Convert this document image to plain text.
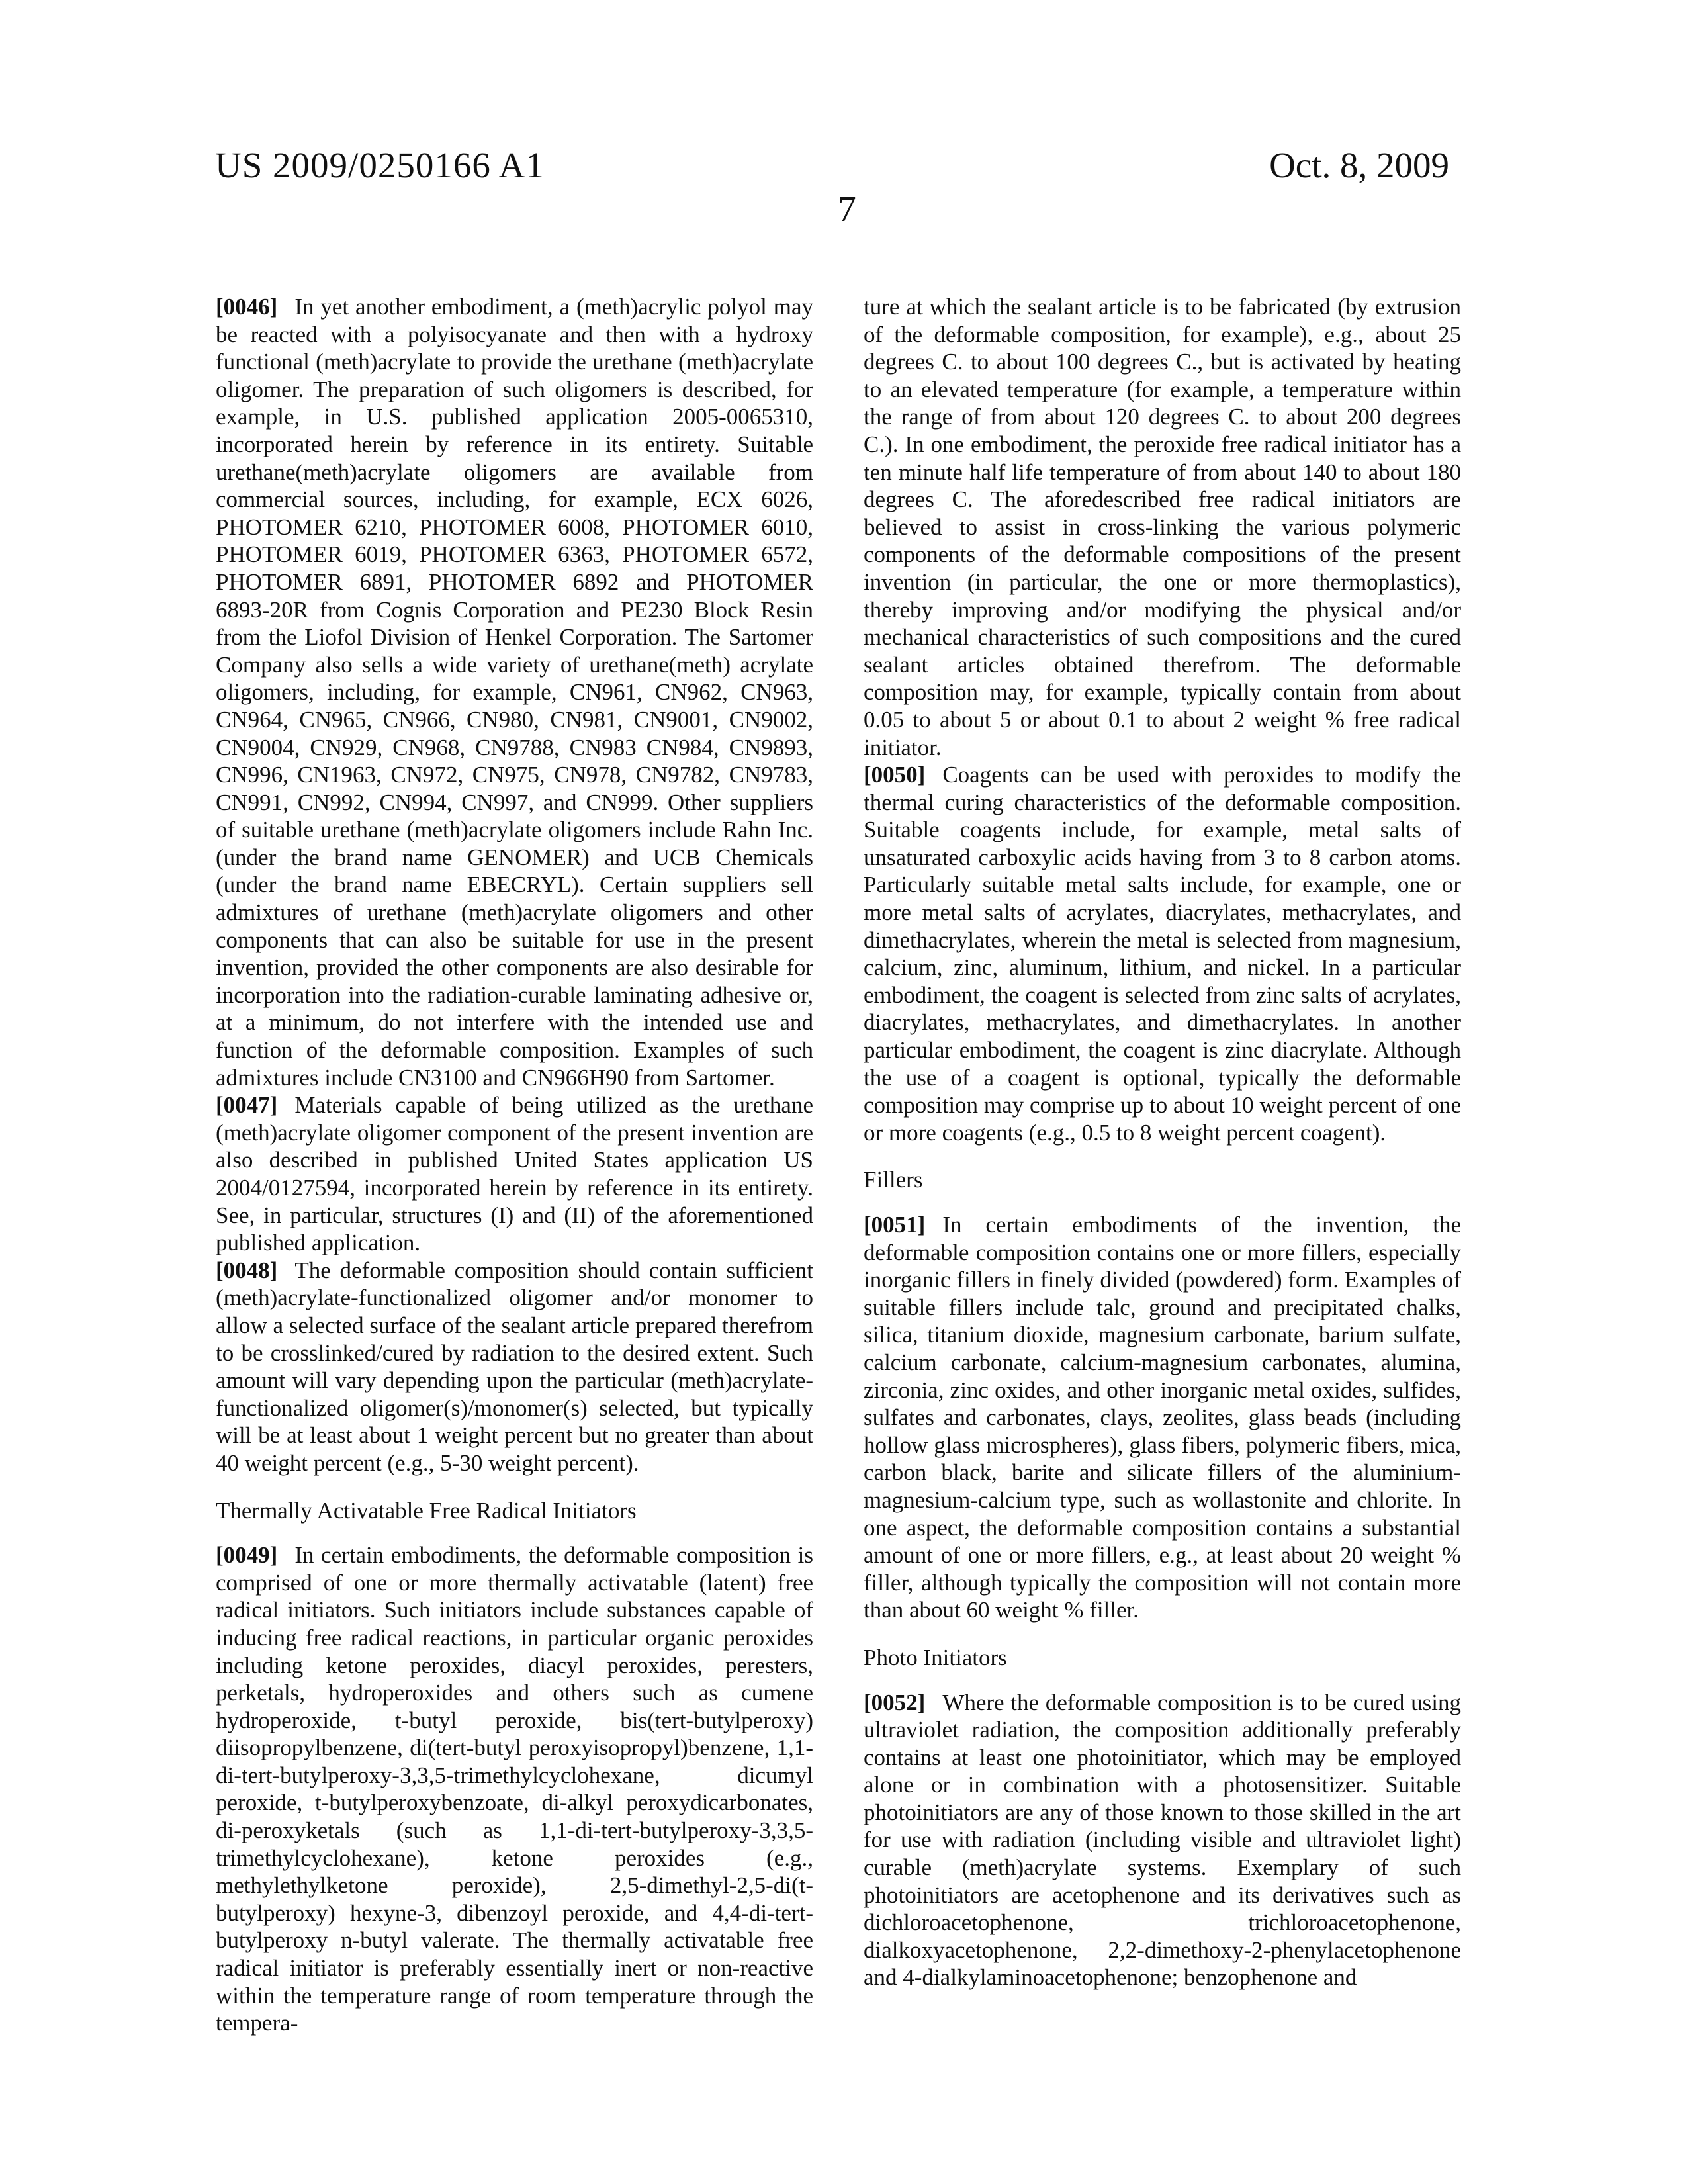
US 2009/0250166 A1	Oct. 8, 2009
7

[0046] In yet another embodiment, a (meth)acrylic polyol may be reacted with a polyisocyanate and then with a hydroxy functional (meth)acrylate to provide the urethane (meth)acrylate oligomer. The preparation of such oligomers is described, for example, in U.S. published application 2005-0065310, incorporated herein by reference in its entirety. Suitable urethane(meth)acrylate oligomers are available from commercial sources, including, for example, ECX 6026, PHOTOMER 6210, PHOTOMER 6008, PHOTOMER 6010, PHOTOMER 6019, PHOTOMER 6363, PHOTOMER 6572, PHOTOMER 6891, PHOTOMER 6892 and PHOTOMER 6893-20R from Cognis Corporation and PE230 Block Resin from the Liofol Division of Henkel Corporation. The Sartomer Company also sells a wide variety of urethane(meth) acrylate oligomers, including, for example, CN961, CN962, CN963, CN964, CN965, CN966, CN980, CN981, CN9001, CN9002, CN9004, CN929, CN968, CN9788, CN983 CN984, CN9893, CN996, CN1963, CN972, CN975, CN978, CN9782, CN9783, CN991, CN992, CN994, CN997, and CN999. Other suppliers of suitable urethane (meth)acrylate oligomers include Rahn Inc. (under the brand name GENOMER) and UCB Chemicals (under the brand name EBECRYL). Certain suppliers sell admixtures of urethane (meth)acrylate oligomers and other components that can also be suitable for use in the present invention, provided the other components are also desirable for incorporation into the radiation-curable laminating adhesive or, at a minimum, do not interfere with the intended use and function of the deformable composition. Examples of such admixtures include CN3100 and CN966H90 from Sartomer.

[0047] Materials capable of being utilized as the urethane (meth)acrylate oligomer component of the present invention are also described in published United States application US 2004/0127594, incorporated herein by reference in its entirety. See, in particular, structures (I) and (II) of the aforementioned published application.

[0048] The deformable composition should contain sufficient (meth)acrylate-functionalized oligomer and/or monomer to allow a selected surface of the sealant article prepared therefrom to be crosslinked/cured by radiation to the desired extent. Such amount will vary depending upon the particular (meth)acrylate-functionalized oligomer(s)/monomer(s) selected, but typically will be at least about 1 weight percent but no greater than about 40 weight percent (e.g., 5-30 weight percent).

Thermally Activatable Free Radical Initiators

[0049] In certain embodiments, the deformable composition is comprised of one or more thermally activatable (latent) free radical initiators. Such initiators include substances capable of inducing free radical reactions, in particular organic peroxides including ketone peroxides, diacyl peroxides, peresters, perketals, hydroperoxides and others such as cumene hydroperoxide, t-butyl peroxide, bis(tert-butylperoxy) diisopropylbenzene, di(tert-butyl peroxyisopropyl)benzene, 1,1-di-tert-butylperoxy-3,3,5-trimethylcyclohexane, dicumyl peroxide, t-butylperoxybenzoate, di-alkyl peroxydicarbonates, di-peroxyketals (such as 1,1-di-tert-butylperoxy-3,3,5-trimethylcyclohexane), ketone peroxides (e.g., methylethylketone peroxide), 2,5-dimethyl-2,5-di(t-butylperoxy) hexyne-3, dibenzoyl peroxide, and 4,4-di-tert-butylperoxy n-butyl valerate. The thermally activatable free radical initiator is preferably essentially inert or non-reactive within the temperature range of room temperature through the tempera-

ture at which the sealant article is to be fabricated (by extrusion of the deformable composition, for example), e.g., about 25 degrees C. to about 100 degrees C., but is activated by heating to an elevated temperature (for example, a temperature within the range of from about 120 degrees C. to about 200 degrees C.). In one embodiment, the peroxide free radical initiator has a ten minute half life temperature of from about 140 to about 180 degrees C. The aforedescribed free radical initiators are believed to assist in cross-linking the various polymeric components of the deformable compositions of the present invention (in particular, the one or more thermoplastics), thereby improving and/or modifying the physical and/or mechanical characteristics of such compositions and the cured sealant articles obtained therefrom. The deformable composition may, for example, typically contain from about 0.05 to about 5 or about 0.1 to about 2 weight % free radical initiator.

[0050] Coagents can be used with peroxides to modify the thermal curing characteristics of the deformable composition. Suitable coagents include, for example, metal salts of unsaturated carboxylic acids having from 3 to 8 carbon atoms. Particularly suitable metal salts include, for example, one or more metal salts of acrylates, diacrylates, methacrylates, and dimethacrylates, wherein the metal is selected from magnesium, calcium, zinc, aluminum, lithium, and nickel. In a particular embodiment, the coagent is selected from zinc salts of acrylates, diacrylates, methacrylates, and dimethacrylates. In another particular embodiment, the coagent is zinc diacrylate. Although the use of a coagent is optional, typically the deformable composition may comprise up to about 10 weight percent of one or more coagents (e.g., 0.5 to 8 weight percent coagent).

Fillers

[0051] In certain embodiments of the invention, the deformable composition contains one or more fillers, especially inorganic fillers in finely divided (powdered) form. Examples of suitable fillers include talc, ground and precipitated chalks, silica, titanium dioxide, magnesium carbonate, barium sulfate, calcium carbonate, calcium-magnesium carbonates, alumina, zirconia, zinc oxides, and other inorganic metal oxides, sulfides, sulfates and carbonates, clays, zeolites, glass beads (including hollow glass microspheres), glass fibers, polymeric fibers, mica, carbon black, barite and silicate fillers of the aluminium-magnesium-calcium type, such as wollastonite and chlorite. In one aspect, the deformable composition contains a substantial amount of one or more fillers, e.g., at least about 20 weight % filler, although typically the composition will not contain more than about 60 weight % filler.

Photo Initiators

[0052] Where the deformable composition is to be cured using ultraviolet radiation, the composition additionally preferably contains at least one photoinitiator, which may be employed alone or in combination with a photosensitizer. Suitable photoinitiators are any of those known to those skilled in the art for use with radiation (including visible and ultraviolet light) curable (meth)acrylate systems. Exemplary of such photoinitiators are acetophenone and its derivatives such as dichloroacetophenone, trichloroacetophenone, dialkoxyacetophenone, 2,2-dimethoxy-2-phenylacetophenone and 4-dialkylaminoacetophenone; benzophenone and
